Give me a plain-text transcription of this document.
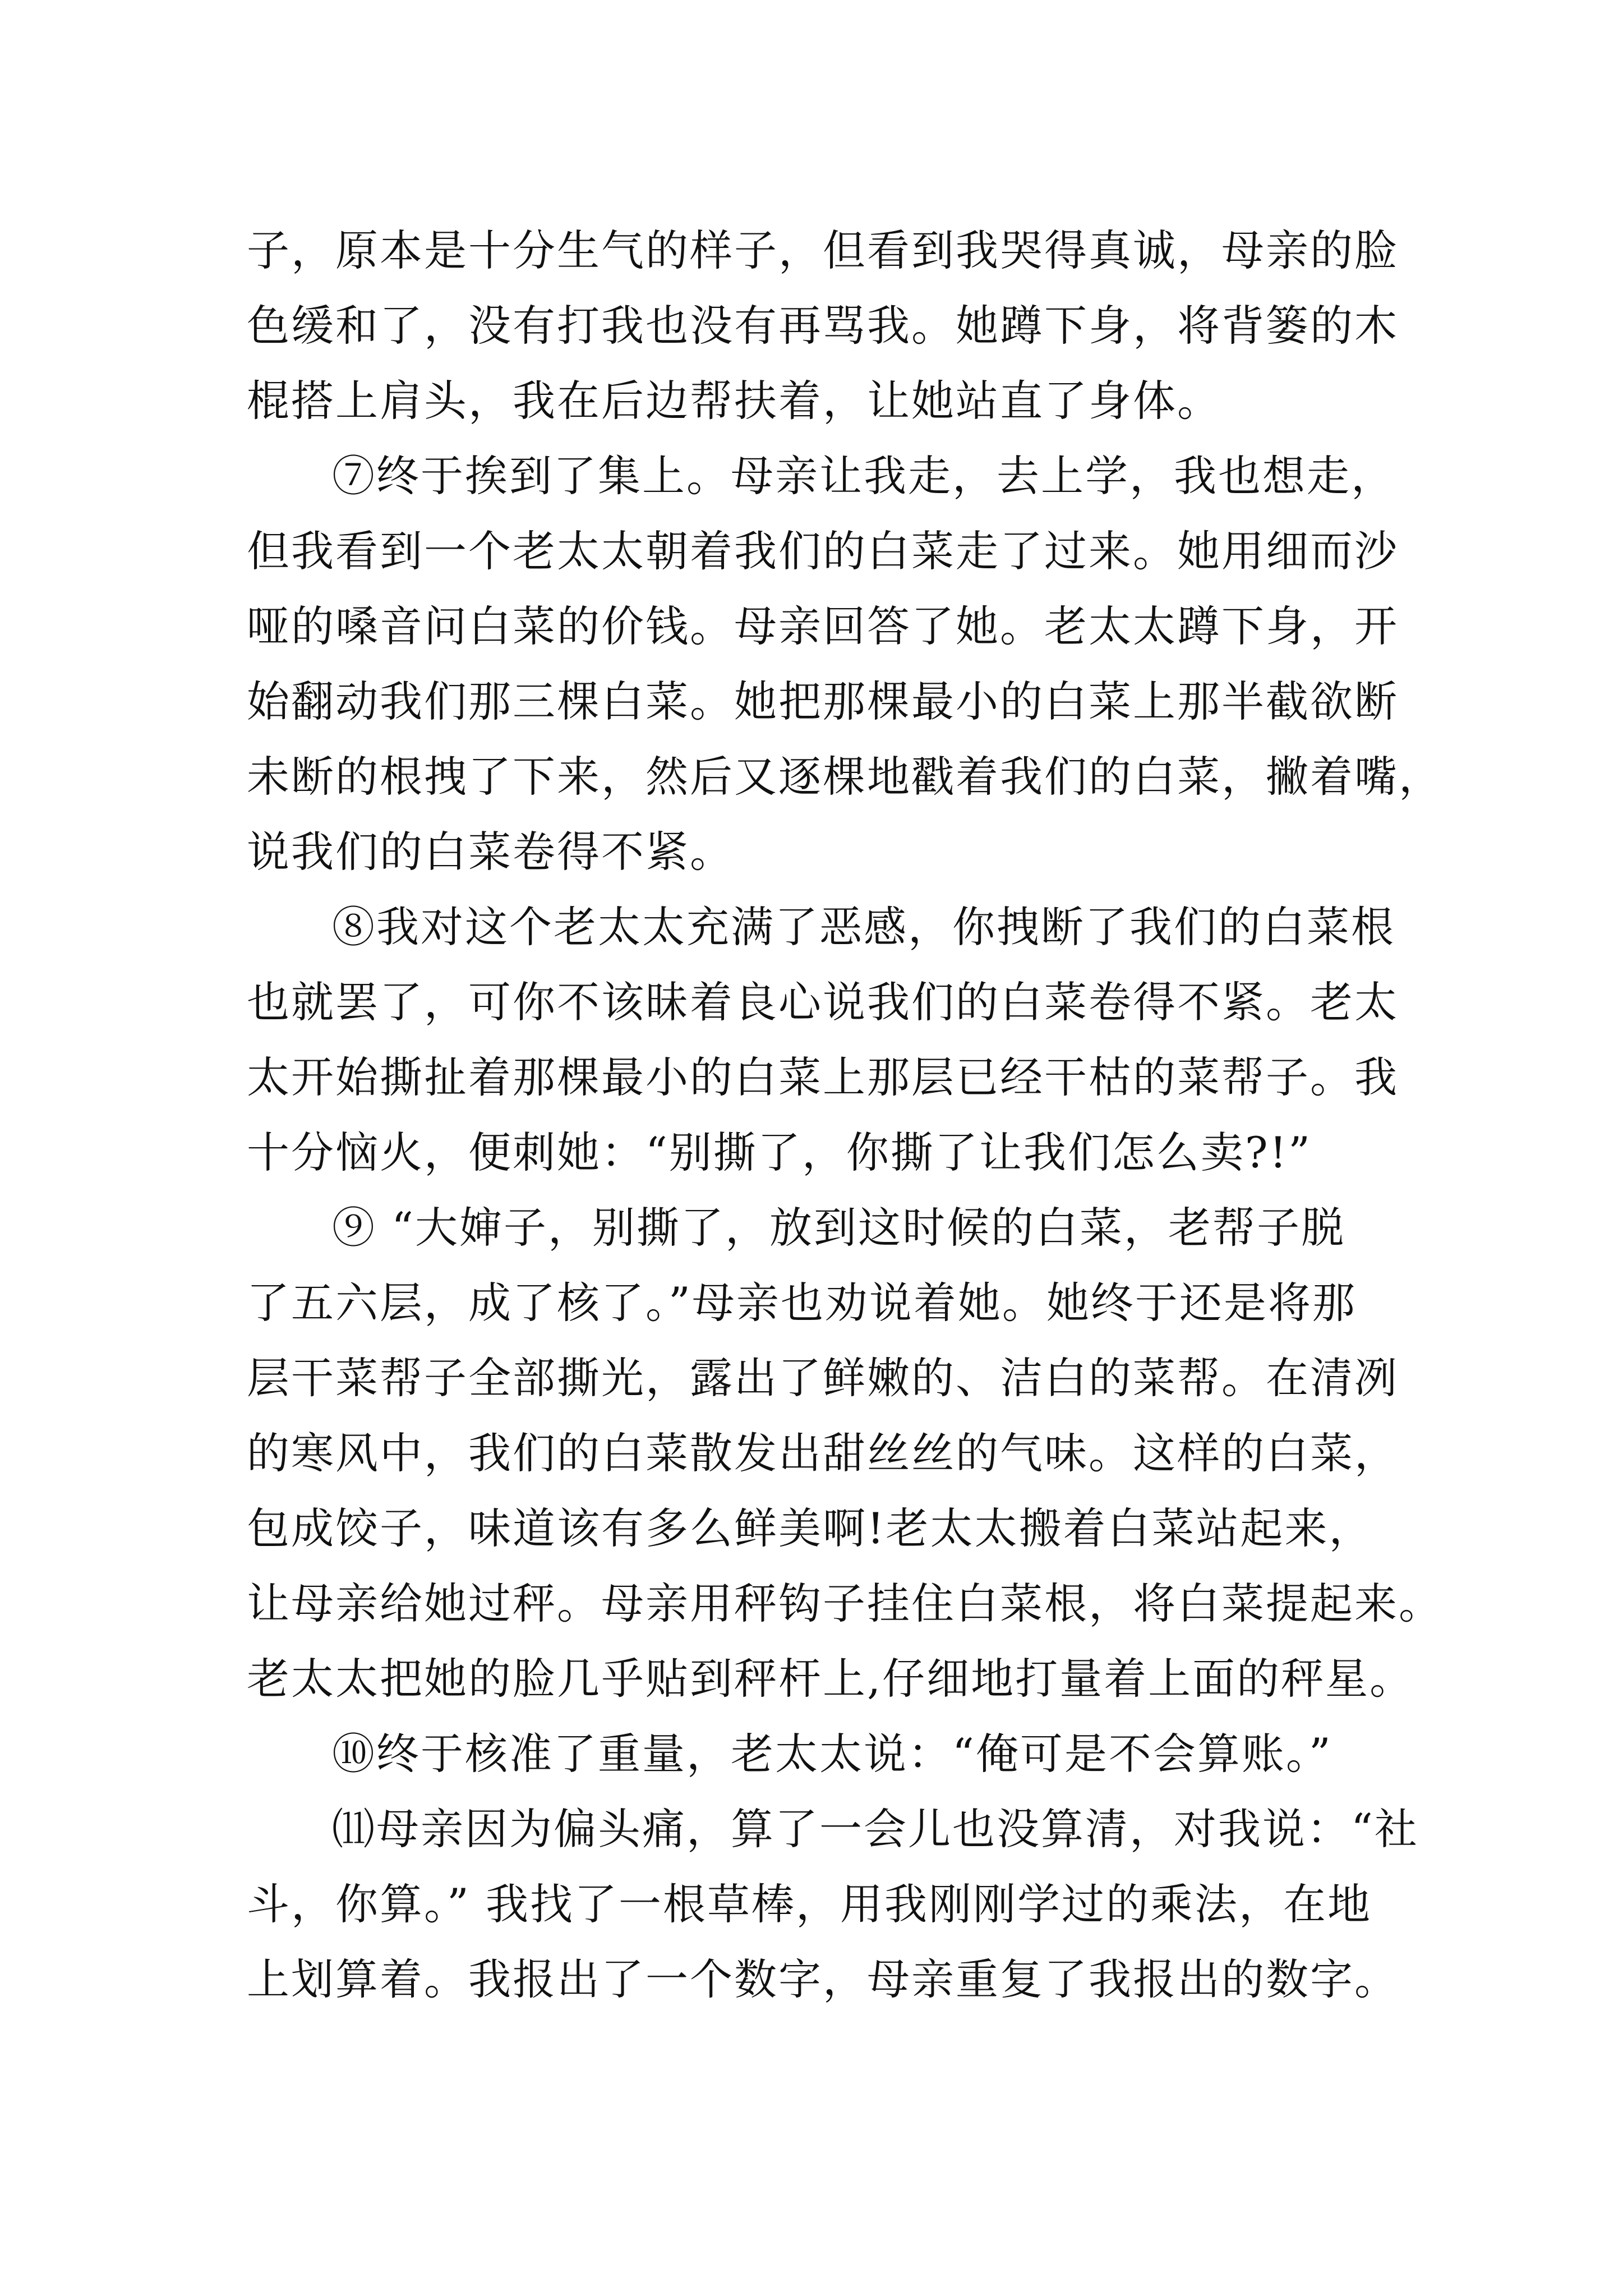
子，原本是十分生气的样子，但看到我哭得真诚，母亲的脸
色缓和了，没有打我也没有再骂我。她蹲下身，将背篓的木
棍搭上肩头，我在后边帮扶着，让她站直了身体。
⑦终于挨到了集上。母亲让我走，去上学，我也想走，
但我看到一个老太太朝着我们的白菜走了过来。她用细而沙
哑的嗓音问白菜的价钱。母亲回答了她。老太太蹲下身，开
始翻动我们那三棵白菜。她把那棵最小的白菜上那半截欲断
未断的根拽了下来，然后又逐棵地戳着我们的白菜，撇着嘴，
说我们的白菜卷得不紧。
⑧我对这个老太太充满了恶感，你拽断了我们的白菜根
也就罢了，可你不该昧着良心说我们的白菜卷得不紧。老太
太开始撕扯着那棵最小的白菜上那层已经干枯的菜帮子。我
十分恼火，便刺她：“别撕了，你撕了让我们怎么卖?!”
⑨ “大婶子，别撕了，放到这时候的白菜，老帮子脱
了五六层，成了核了。”母亲也劝说着她。她终于还是将那
层干菜帮子全部撕光，露出了鲜嫩的、洁白的菜帮。在清冽
的寒风中，我们的白菜散发出甜丝丝的气味。这样的白菜，
包成饺子，味道该有多么鲜美啊!老太太搬着白菜站起来，
让母亲给她过秤。母亲用秤钩子挂住白菜根，将白菜提起来。
老太太把她的脸几乎贴到秤杆上,仔细地打量着上面的秤星。
⑩终于核准了重量，老太太说：“俺可是不会算账。”
⑾母亲因为偏头痛，算了一会儿也没算清，对我说：“社
斗，你算。” 我找了一根草棒，用我刚刚学过的乘法，在地
上划算着。我报出了一个数字，母亲重复了我报出的数字。
